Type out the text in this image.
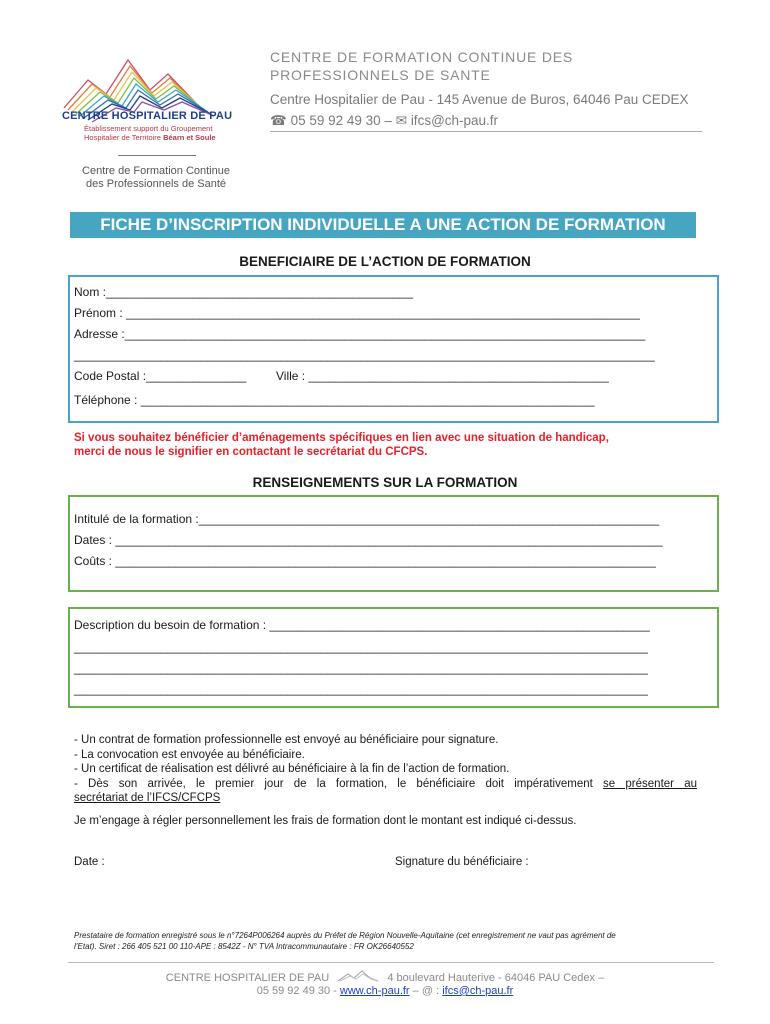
CENTRE HOSPITALIER DE PAU
Établissement support du Groupement
Hospitalier de Territoire Béarn et Soule
Centre de Formation Continue
des Professionnels de Santé
CENTRE DE FORMATION CONTINUE DES
PROFESSIONNELS DE SANTE
Centre Hospitalier de Pau - 145 Avenue de Buros, 64046 Pau CEDEX
☎ 05 59 92 49 30 – ✉ ifcs@ch-pau.fr
FICHE D’INSCRIPTION INDIVIDUELLE A UNE ACTION DE FORMATION
BENEFICIAIRE DE L’ACTION DE FORMATION
Nom :______________________________________________
Prénom : _____________________________________________________________________________
Adresse :______________________________________________________________________________
_______________________________________________________________________________________
Code Postal :_______________ Ville : _____________________________________________
Téléphone : ____________________________________________________________________
Si vous souhaitez bénéficier d’aménagements spécifiques en lien avec une situation de handicap,
merci de nous le signifier en contactant le secrétariat du CFCPS.
RENSEIGNEMENTS SUR LA FORMATION
Intitulé de la formation :_____________________________________________________________________
Dates : __________________________________________________________________________________
Coûts : _________________________________________________________________________________
Description du besoin de formation : _________________________________________________________
______________________________________________________________________________________
______________________________________________________________________________________
______________________________________________________________________________________
- Un contrat de formation professionnelle est envoyé au bénéficiaire pour signature.
- La convocation est envoyée au bénéficiaire.
- Un certificat de réalisation est délivré au bénéficiaire à la fin de l’action de formation.
- Dès son arrivée, le premier jour de la formation, le bénéficiaire doit impérativement se présenter au
secrétariat de l’IFCS/CFCPS
Je m’engage à régler personnellement les frais de formation dont le montant est indiqué ci-dessus.
Date :	Signature du bénéficiaire :
Prestataire de formation enregistré sous le n°7264P006264 auprès du Préfet de Région Nouvelle-Aquitaine (cet enregistrement ne vaut pas agrément de
l’Etat). Siret : 266 405 521 00 110-APE : 8542Z - N° TVA Intracommunautaire : FR OK26640552
CENTRE HOSPITALIER DE PAU	4 boulevard Hauterive - 64046 PAU Cedex –
05 59 92 49 30 - www.ch-pau.fr – @ : ifcs@ch-pau.fr
